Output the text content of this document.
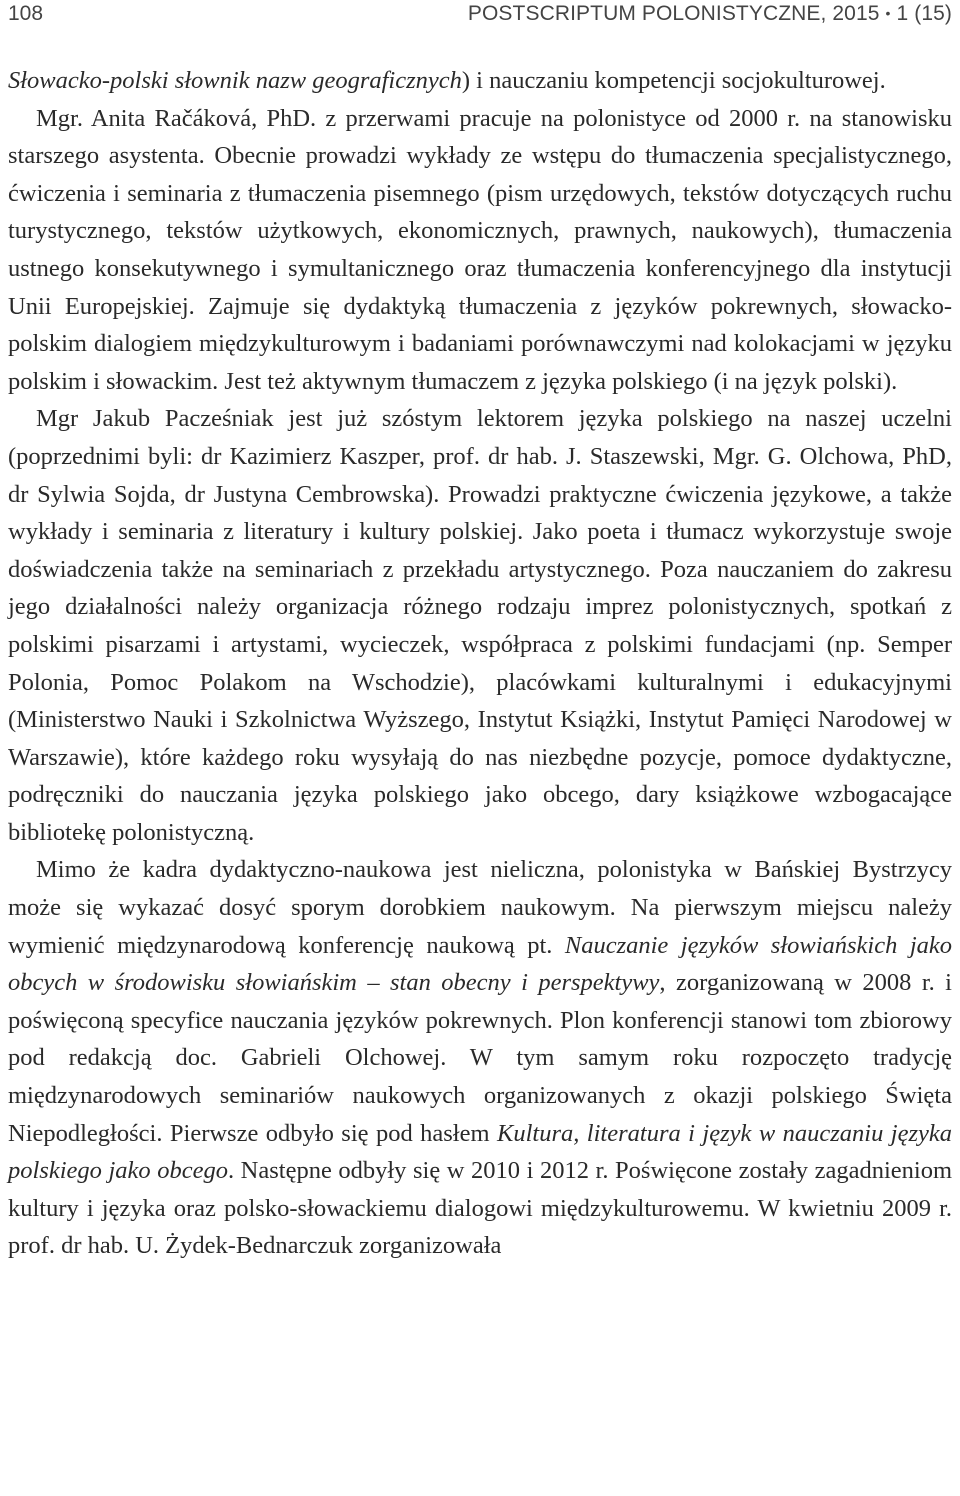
108	POSTSCRIPTUM POLONISTYCZNE, 2015 • 1 (15)

Słowacko-polski słownik nazw geograficznych) i nauczaniu kompetencji socjokulturowej.

Mgr. Anita Račáková, PhD. z przerwami pracuje na polonistyce od 2000 r. na stanowisku starszego asystenta. Obecnie prowadzi wykłady ze wstępu do tłumaczenia specjalistycznego, ćwiczenia i seminaria z tłumaczenia pisemnego (pism urzędowych, tekstów dotyczących ruchu turystycznego, tekstów użytkowych, ekonomicznych, prawnych, naukowych), tłumaczenia ustnego konsekutywnego i symultanicznego oraz tłumaczenia konferencyjnego dla instytucji Unii Europejskiej. Zajmuje się dydaktyką tłumaczenia z języków pokrewnych, słowacko-polskim dialogiem międzykulturowym i badaniami porównawczymi nad kolokacjami w języku polskim i słowackim. Jest też aktywnym tłumaczem z języka polskiego (i na język polski).

Mgr Jakub Pacześniak jest już szóstym lektorem języka polskiego na naszej uczelni (poprzednimi byli: dr Kazimierz Kaszper, prof. dr hab. J. Staszewski, Mgr. G. Olchowa, PhD, dr Sylwia Sojda, dr Justyna Cembrowska). Prowadzi praktyczne ćwiczenia językowe, a także wykłady i seminaria z literatury i kultury polskiej. Jako poeta i tłumacz wykorzystuje swoje doświadczenia także na seminariach z przekładu artystycznego. Poza nauczaniem do zakresu jego działalności należy organizacja różnego rodzaju imprez polonistycznych, spotkań z polskimi pisarzami i artystami, wycieczek, współpraca z polskimi fundacjami (np. Semper Polonia, Pomoc Polakom na Wschodzie), placówkami kulturalnymi i edukacyjnymi (Ministerstwo Nauki i Szkolnictwa Wyższego, Instytut Książki, Instytut Pamięci Narodowej w Warszawie), które każdego roku wysyłają do nas niezbędne pozycje, pomoce dydaktyczne, podręczniki do nauczania języka polskiego jako obcego, dary książkowe wzbogacające bibliotekę polonistyczną.

Mimo że kadra dydaktyczno-naukowa jest nieliczna, polonistyka w Bańskiej Bystrzycy może się wykazać dosyć sporym dorobkiem naukowym. Na pierwszym miejscu należy wymienić międzynarodową konferencję naukową pt. Nauczanie języków słowiańskich jako obcych w środowisku słowiańskim – stan obecny i perspektywy, zorganizowaną w 2008 r. i poświęconą specyfice nauczania języków pokrewnych. Plon konferencji stanowi tom zbiorowy pod redakcją doc. Gabrieli Olchowej. W tym samym roku rozpoczęto tradycję międzynarodowych seminariów naukowych organizowanych z okazji polskiego Święta Niepodległości. Pierwsze odbyło się pod hasłem Kultura, literatura i język w nauczaniu języka polskiego jako obcego. Następne odbyły się w 2010 i 2012 r. Poświęcone zostały zagadnieniom kultury i języka oraz polsko-słowackiemu dialogowi międzykulturowemu. W kwietniu 2009 r. prof. dr hab. U. Żydek-Bednarczuk zorganizowała
